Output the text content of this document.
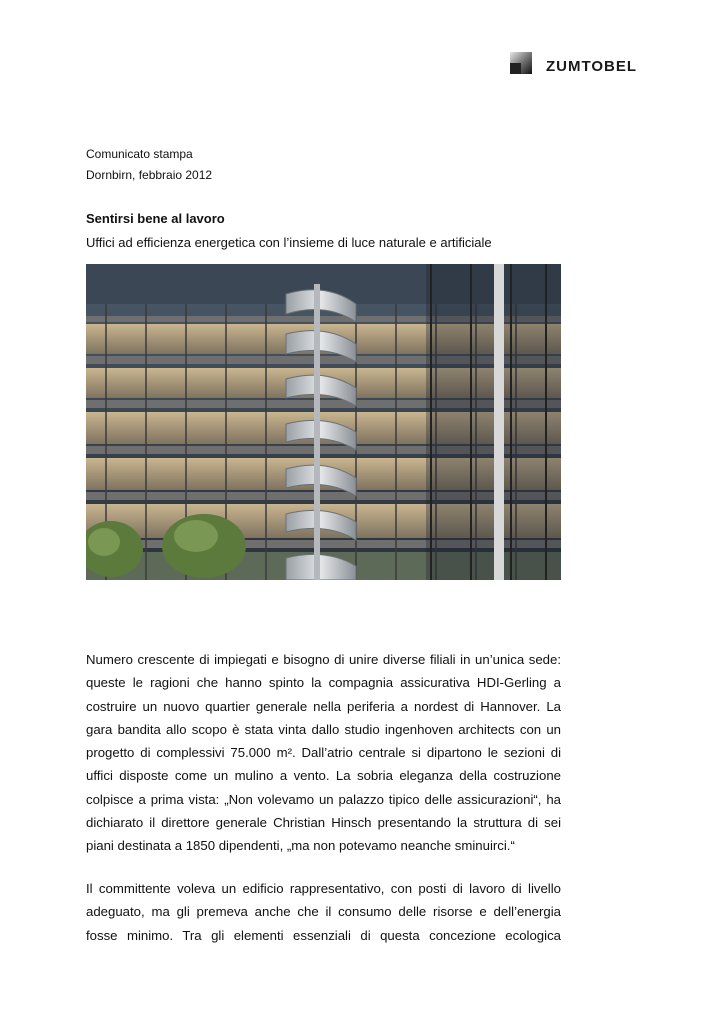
ZUMTOBEL
Comunicato stampa
Dornbirn, febbraio 2012
Sentirsi bene al lavoro
Uffici ad efficienza energetica con l’insieme di luce naturale e artificiale
Numero crescente di impiegati e bisogno di unire diverse filiali in un’unica sede:
queste le ragioni che hanno spinto la compagnia assicurativa HDI-Gerling a
costruire un nuovo quartier generale nella periferia a nordest di Hannover. La
gara bandita allo scopo è stata vinta dallo studio ingenhoven architects con un
progetto di complessivi 75.000 m². Dall’atrio centrale si dipartono le sezioni di
uffici disposte come un mulino a vento. La sobria eleganza della costruzione
colpisce a prima vista: „Non volevamo un palazzo tipico delle assicurazioni“, ha
dichiarato il direttore generale Christian Hinsch presentando la struttura di sei
piani destinata a 1850 dipendenti, „ma non potevamo neanche sminuirci.“
Il committente voleva un edificio rappresentativo, con posti di lavoro di livello
adeguato, ma gli premeva anche che il consumo delle risorse e dell’energia
fosse minimo. Tra gli elementi essenziali di questa concezione ecologica
